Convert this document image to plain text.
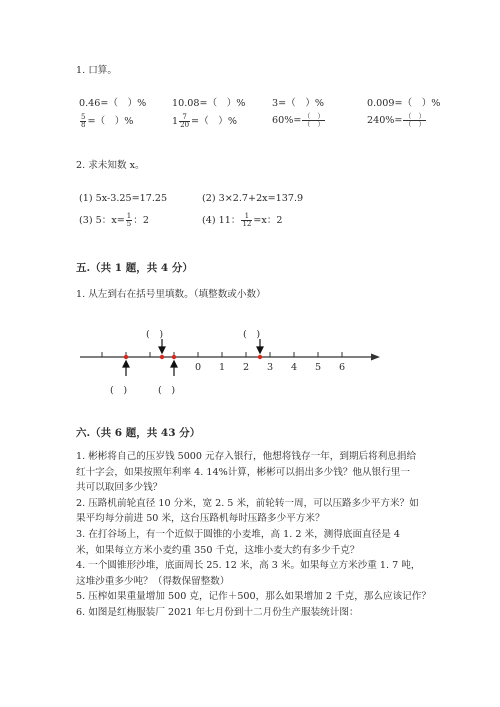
1. 口算。
0.46=（　）%	10.08=（　）%	3=（　）%	0.009=（　）%
$\frac{5}{8}$ =（　）%	$1 \frac{7}{20}$ =（　）%	$60\%= \frac{( )}{( )}$	$240\%= \frac{( )}{( )}$
2. 求未知数 x。
(1) 5x-3.25=17.25	(2) 3×2.7+2x=137.9
(3) 5：$x= \frac{1}{5}$ ：2	(4) 11： $\frac{1}{12} =x$：2
五.（共 1 题，共 4 分）
1. 从左到右在括号里填数。（填整数或小数）
(　)	(　)
(　)	(　)
0 1 2 3 4 5 6
六.（共 6 题，共 43 分）
1. 彬彬将自己的压岁钱 5000 元存入银行，他想将钱存一年，到期后将利息捐给
红十字会，如果按照年利率 4. 14%计算，彬彬可以捐出多少钱？他从银行里一
共可以取回多少钱？
2. 压路机前轮直径 10 分米，宽 2. 5 米，前轮转一周，可以压路多少平方米？如
果平均每分前进 50 米，这台压路机每时压路多少平方米？
3. 在打谷场上，有一个近似于圆锥的小麦堆，高 1. 2 米，测得底面直径是 4
米，如果每立方米小麦约重 350 千克，这堆小麦大约有多少千克？
4. 一个圆锥形沙堆，底面周长 25. 12 米，高 3 米。如果每立方米沙重 1. 7 吨，
这堆沙重多少吨？（得数保留整数）
5. 压榨如果重量增加 500 克，记作＋500，那么如果增加 2 千克，那么应该记作？
6. 如图是红梅服装厂 2021 年七月份到十二月份生产服装统计图：
